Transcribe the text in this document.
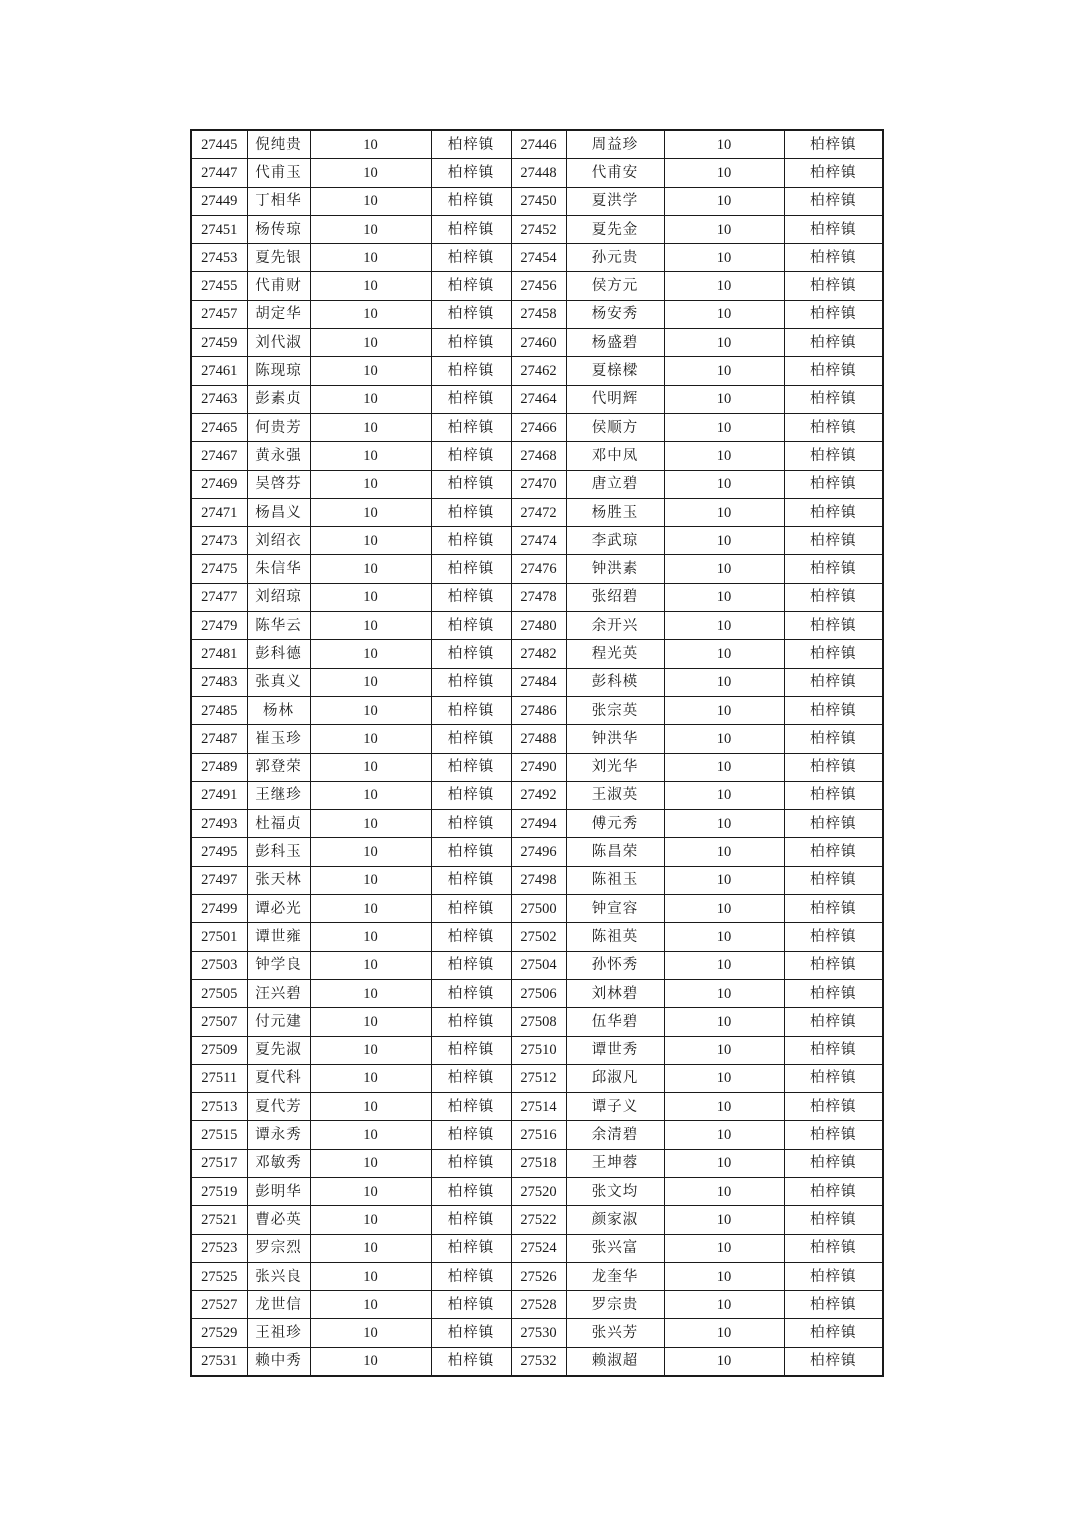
27445	倪纯贵	10	柏梓镇	27446	周益珍	10	柏梓镇
27447	代甫玉	10	柏梓镇	27448	代甫安	10	柏梓镇
27449	丁相华	10	柏梓镇	27450	夏洪学	10	柏梓镇
27451	杨传琼	10	柏梓镇	27452	夏先金	10	柏梓镇
27453	夏先银	10	柏梓镇	27454	孙元贵	10	柏梓镇
27455	代甫财	10	柏梓镇	27456	侯方元	10	柏梓镇
27457	胡定华	10	柏梓镇	27458	杨安秀	10	柏梓镇
27459	刘代淑	10	柏梓镇	27460	杨盛碧	10	柏梓镇
27461	陈现琼	10	柏梓镇	27462	夏榇樑	10	柏梓镇
27463	彭素贞	10	柏梓镇	27464	代明辉	10	柏梓镇
27465	何贵芳	10	柏梓镇	27466	侯顺方	10	柏梓镇
27467	黄永强	10	柏梓镇	27468	邓中凤	10	柏梓镇
27469	吴啓芬	10	柏梓镇	27470	唐立碧	10	柏梓镇
27471	杨昌义	10	柏梓镇	27472	杨胜玉	10	柏梓镇
27473	刘绍衣	10	柏梓镇	27474	李武琼	10	柏梓镇
27475	朱信华	10	柏梓镇	27476	钟洪素	10	柏梓镇
27477	刘绍琼	10	柏梓镇	27478	张绍碧	10	柏梓镇
27479	陈华云	10	柏梓镇	27480	余开兴	10	柏梓镇
27481	彭科德	10	柏梓镇	27482	程光英	10	柏梓镇
27483	张真义	10	柏梓镇	27484	彭科楧	10	柏梓镇
27485	杨林	10	柏梓镇	27486	张宗英	10	柏梓镇
27487	崔玉珍	10	柏梓镇	27488	钟洪华	10	柏梓镇
27489	郭登荣	10	柏梓镇	27490	刘光华	10	柏梓镇
27491	王继珍	10	柏梓镇	27492	王淑英	10	柏梓镇
27493	杜福贞	10	柏梓镇	27494	傅元秀	10	柏梓镇
27495	彭科玉	10	柏梓镇	27496	陈昌荣	10	柏梓镇
27497	张天林	10	柏梓镇	27498	陈祖玉	10	柏梓镇
27499	谭必光	10	柏梓镇	27500	钟宣容	10	柏梓镇
27501	谭世雍	10	柏梓镇	27502	陈祖英	10	柏梓镇
27503	钟学良	10	柏梓镇	27504	孙怀秀	10	柏梓镇
27505	汪兴碧	10	柏梓镇	27506	刘林碧	10	柏梓镇
27507	付元建	10	柏梓镇	27508	伍华碧	10	柏梓镇
27509	夏先淑	10	柏梓镇	27510	谭世秀	10	柏梓镇
27511	夏代科	10	柏梓镇	27512	邱淑凡	10	柏梓镇
27513	夏代芳	10	柏梓镇	27514	谭子义	10	柏梓镇
27515	谭永秀	10	柏梓镇	27516	余清碧	10	柏梓镇
27517	邓敏秀	10	柏梓镇	27518	王坤蓉	10	柏梓镇
27519	彭明华	10	柏梓镇	27520	张文均	10	柏梓镇
27521	曹必英	10	柏梓镇	27522	颜家淑	10	柏梓镇
27523	罗宗烈	10	柏梓镇	27524	张兴富	10	柏梓镇
27525	张兴良	10	柏梓镇	27526	龙奎华	10	柏梓镇
27527	龙世信	10	柏梓镇	27528	罗宗贵	10	柏梓镇
27529	王祖珍	10	柏梓镇	27530	张兴芳	10	柏梓镇
27531	赖中秀	10	柏梓镇	27532	赖淑超	10	柏梓镇
